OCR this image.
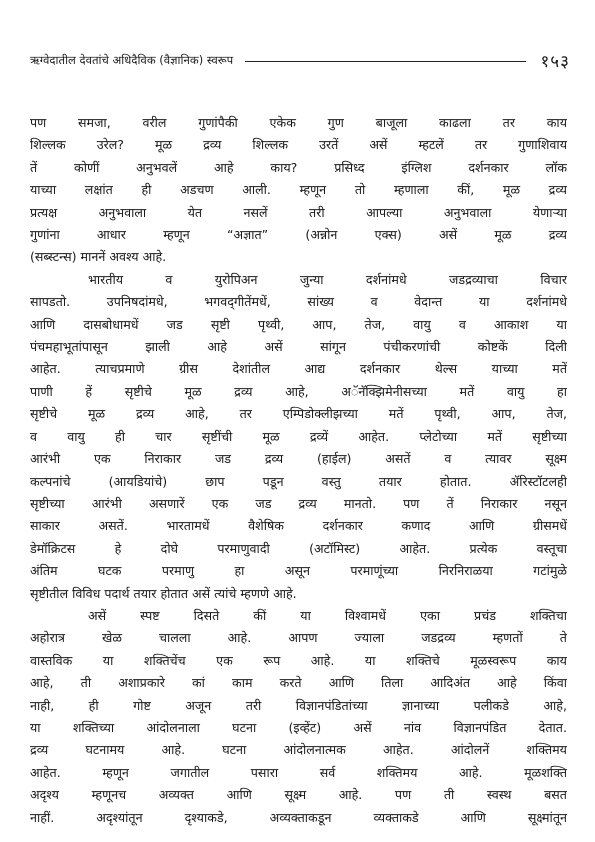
ऋग्वेदातील देवतांचे अधिदैविक (वैज्ञानिक) स्वरूप	१५३

पण समजा, वरील गुणांपैकी एकेक गुण बाजूला काढला तर काय
शिल्लक उरेल? मूळ द्रव्य शिल्लक उरतें असें म्हटलें तर गुणाशिवाय
तें कोणीं अनुभवलें आहे काय? प्रसिध्द इंग्लिश दर्शनकार लॉक
याच्या लक्षांत ही अडचण आली. म्हणून तो म्हणाला कीं, मूळ द्रव्य
प्रत्यक्ष अनुभवाला येत नसलें तरी आपल्या अनुभवाला येणाऱ्या
गुणांना आधार म्हणून “अज्ञात” (अन्नोन एक्स) असें मूळ द्रव्य
(सब्स्टन्स) माननें अवश्य आहे.

भारतीय व युरोपिअन जुन्या दर्शनांमधे जडद्रव्याचा विचार
सापडतो. उपनिषदांमधे, भगवद्‌गीतेंमधें, सांख्य व वेदान्त या दर्शनांमधे
आणि दासबोधामधें जड सृष्टी पृथ्वी, आप, तेज, वायु व आकाश या
पंचमहाभूतांपासून झाली आहे असें सांगून पंचीकरणांची कोष्टकें दिली
आहेत. त्याचप्रमाणे ग्रीस देशांतील आद्य दर्शनकार थेल्स याच्या मतें
पाणी हें सृष्टीचे मूळ द्रव्य आहे, अॅनॅक्झिमेनीसच्या मतें वायु हा
सृष्टीचे मूळ द्रव्य आहे, तर एम्पिडोक्लीझच्या मतें पृथ्वी, आप, तेज,
व वायु ही चार सृष्टींची मूळ द्रव्यें आहेत. प्लेटोच्या मतें सृष्टीच्या
आरंभी एक निराकार जड द्रव्य (हाईल) असतें व त्यावर सूक्ष्म
कल्पनांचे (आयडियांचे) छाप पडून वस्तु तयार होतात. ॲरिस्टॉटलही
सृष्टीच्या आरंभी असणारें एक जड द्रव्य मानतो. पण तें निराकार नसून
साकार असतें. भारतामधें वैशेषिक दर्शनकार कणाद आणि ग्रीसमधें
डेमॉक्रिटस हे दोघे परमाणुवादी (अटॉमिस्ट) आहेत. प्रत्येक वस्तूचा
अंतिम घटक परमाणु हा असून परमाणूंच्या निरनिराळया गटांमुळे
सृष्टीतील विविध पदार्थ तयार होतात असें त्यांचे म्हणणे आहे.

असें स्पष्ट दिसते कीं या विश्वामधें एका प्रचंड शक्तिचा
अहोरात्र खेळ चालला आहे. आपण ज्याला जडद्रव्य म्हणतों ते
वास्तविक या शक्तिचेंच एक रूप आहे. या शक्तिचे मूळस्वरूप काय
आहे, ती अशाप्रकारे कां काम करते आणि तिला आदिअंत आहे किंवा
नाही, ही गोष्ट अजून तरी विज्ञानपंडितांच्या ज्ञानाच्या पलीकडे आहे,
या शक्तिच्या आंदोलनाला घटना (इव्हेंट) असें नांव विज्ञानपंडित देतात.
द्रव्य घटनामय आहे. घटना आंदोलनात्मक आहेत. आंदोलनें शक्तिमय
आहेत. म्हणून जगातील पसारा सर्व शक्तिमय आहे. मूळशक्ति
अदृश्य म्हणूनच अव्यक्त आणि सूक्ष्म आहे. पण ती स्वस्थ बसत
नाहीं. अदृश्यांतून दृश्याकडे, अव्यक्ताकडून व्यक्ताकडे आणि सूक्ष्मांतून
